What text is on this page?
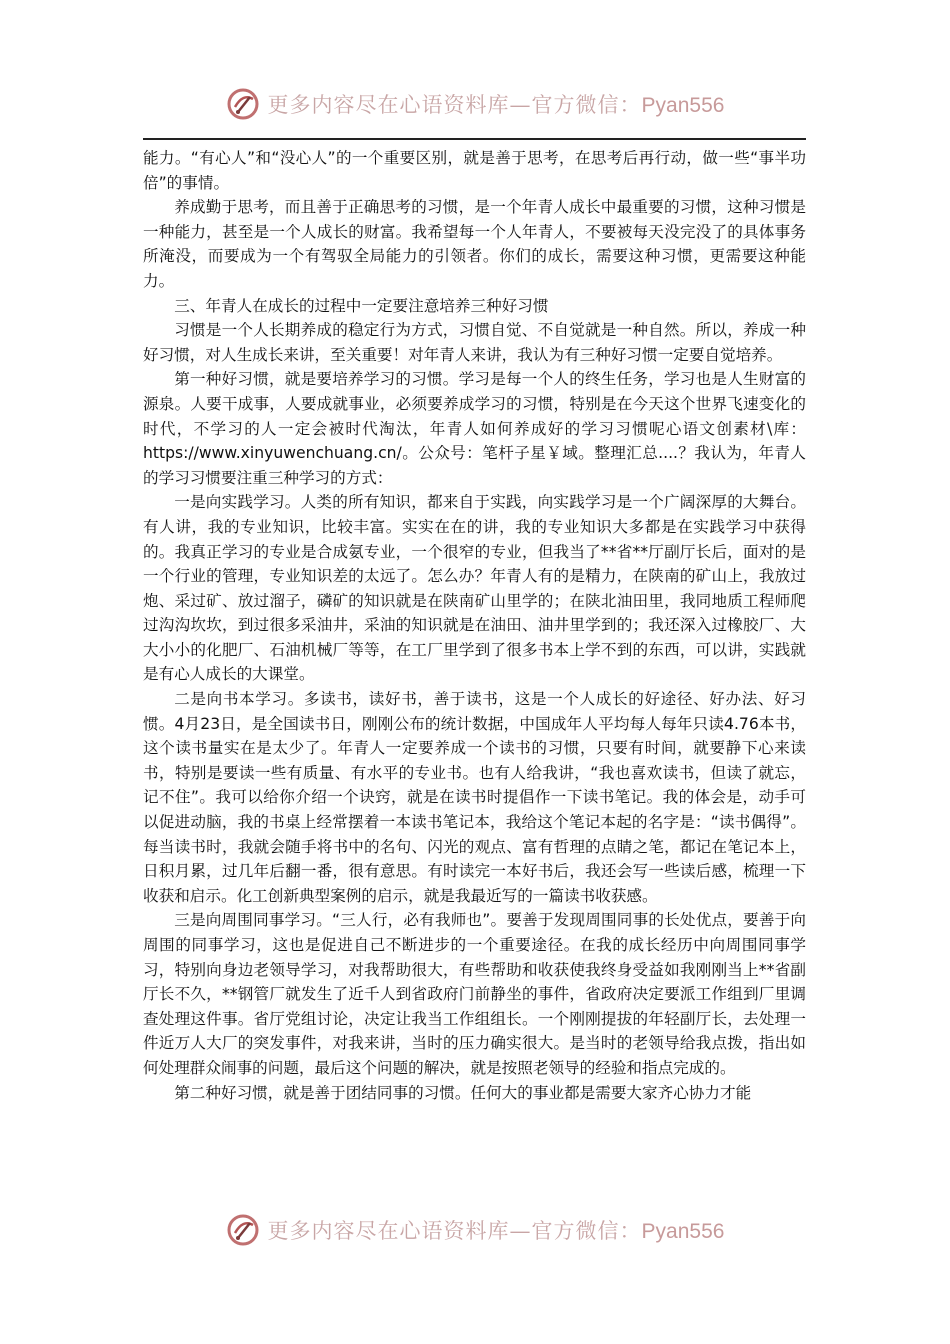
更多内容尽在心语资料库—官方微信：Pyan556

能力。“有心人”和“没心人”的一个重要区别，就是善于思考，在思考后再行动，做一些“事半功倍”的事情。

养成勤于思考，而且善于正确思考的习惯，是一个年青人成长中最重要的习惯，这种习惯是一种能力，甚至是一个人成长的财富。我希望每一个人年青人，不要被每天没完没了的具体事务所淹没，而要成为一个有驾驭全局能力的引领者。你们的成长，需要这种习惯，更需要这种能力。

三、年青人在成长的过程中一定要注意培养三种好习惯

习惯是一个人长期养成的稳定行为方式，习惯自觉、不自觉就是一种自然。所以，养成一种好习惯，对人生成长来讲，至关重要！对年青人来讲，我认为有三种好习惯一定要自觉培养。

第一种好习惯，就是要培养学习的习惯。学习是每一个人的终生任务，学习也是人生财富的源泉。人要干成事，人要成就事业，必须要养成学习的习惯，特别是在今天这个世界飞速变化的时代，不学习的人一定会被时代淘汰，年青人如何养成好的学习习惯呢心语文创素材\库：https://www.xinyuwenchuang.cn/。公众号：笔杆子星￥域。整理汇总....？我认为，年青人的学习习惯要注重三种学习的方式：

一是向实践学习。人类的所有知识，都来自于实践，向实践学习是一个广阔深厚的大舞台。有人讲，我的专业知识，比较丰富。实实在在的讲，我的专业知识大多都是在实践学习中获得的。我真正学习的专业是合成氨专业，一个很窄的专业，但我当了**省**厅副厅长后，面对的是一个行业的管理，专业知识差的太远了。怎么办？年青人有的是精力，在陕南的矿山上，我放过炮、采过矿、放过溜子，磷矿的知识就是在陕南矿山里学的；在陕北油田里，我同地质工程师爬过沟沟坎坎，到过很多采油井，采油的知识就是在油田、油井里学到的；我还深入过橡胶厂、大大小小的化肥厂、石油机械厂等等，在工厂里学到了很多书本上学不到的东西，可以讲，实践就是有心人成长的大课堂。

二是向书本学习。多读书，读好书，善于读书，这是一个人成长的好途径、好办法、好习惯。4月23日，是全国读书日，刚刚公布的统计数据，中国成年人平均每人每年只读4.76本书，这个读书量实在是太少了。年青人一定要养成一个读书的习惯，只要有时间，就要静下心来读书，特别是要读一些有质量、有水平的专业书。也有人给我讲，“我也喜欢读书，但读了就忘，记不住”。我可以给你介绍一个诀窍，就是在读书时提倡作一下读书笔记。我的体会是，动手可以促进动脑，我的书桌上经常摆着一本读书笔记本，我给这个笔记本起的名字是：“读书偶得”。每当读书时，我就会随手将书中的名句、闪光的观点、富有哲理的点睛之笔，都记在笔记本上，日积月累，过几年后翻一番，很有意思。有时读完一本好书后，我还会写一些读后感，梳理一下收获和启示。化工创新典型案例的启示，就是我最近写的一篇读书收获感。

三是向周围同事学习。“三人行，必有我师也”。要善于发现周围同事的长处优点，要善于向周围的同事学习，这也是促进自己不断进步的一个重要途径。在我的成长经历中向周围同事学习，特别向身边老领导学习，对我帮助很大，有些帮助和收获使我终身受益如我刚刚当上**省副厅长不久，**钢管厂就发生了近千人到省政府门前静坐的事件，省政府决定要派工作组到厂里调查处理这件事。省厅党组讨论，决定让我当工作组组长。一个刚刚提拔的年轻副厅长，去处理一件近万人大厂的突发事件，对我来讲，当时的压力确实很大。是当时的老领导给我点拨，指出如何处理群众闹事的问题，最后这个问题的解决，就是按照老领导的经验和指点完成的。

第二种好习惯，就是善于团结同事的习惯。任何大的事业都是需要大家齐心协力才能

更多内容尽在心语资料库—官方微信：Pyan556
